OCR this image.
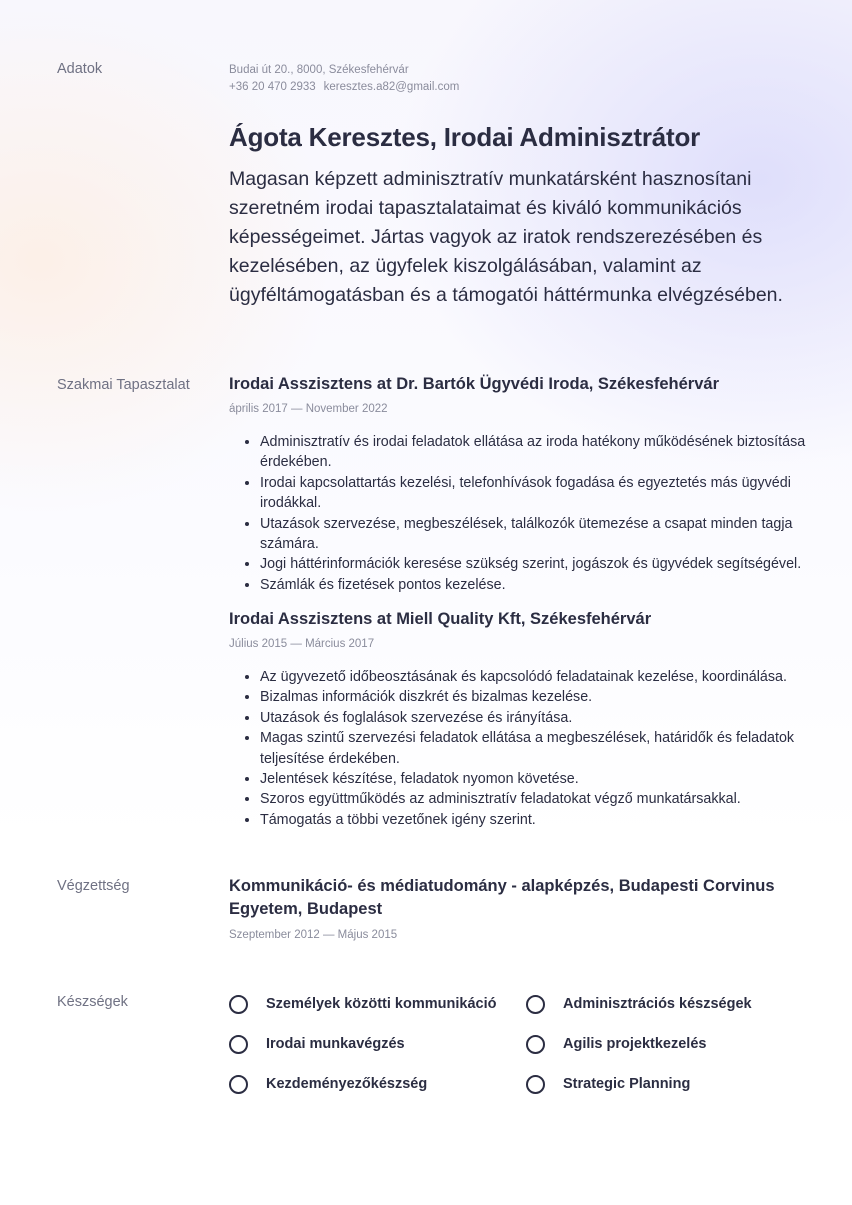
Adatok
Szakmai Tapasztalat
Végzettség
Készségek
Budai út 20., 8000, Székesfehérvár
+36 20 470 2933 keresztes.a82@gmail.com
Ágota Keresztes, Irodai Adminisztrátor
Magasan képzett adminisztratív munkatársként hasznosítani szeretném irodai tapasztalataimat és kiváló kommunikációs képességeimet. Jártas vagyok az iratok rendszerezésében és kezelésében, az ügyfelek kiszolgálásában, valamint az ügyféltámogatásban és a támogatói háttérmunka elvégzésében.
Irodai Asszisztens at Dr. Bartók Ügyvédi Iroda, Székesfehérvár
április 2017 — November 2022
• Adminisztratív és irodai feladatok ellátása az iroda hatékony működésének biztosítása érdekében.
• Irodai kapcsolattartás kezelési, telefonhívások fogadása és egyeztetés más ügyvédi irodákkal.
• Utazások szervezése, megbeszélések, találkozók ütemezése a csapat minden tagja számára.
• Jogi háttérinformációk keresése szükség szerint, jogászok és ügyvédek segítségével.
• Számlák és fizetések pontos kezelése.
Irodai Asszisztens at Miell Quality Kft, Székesfehérvár
Július 2015 — Március 2017
• Az ügyvezető időbeosztásának és kapcsolódó feladatainak kezelése, koordinálása.
• Bizalmas információk diszkrét és bizalmas kezelése.
• Utazások és foglalások szervezése és irányítása.
• Magas szintű szervezési feladatok ellátása a megbeszélések, határidők és feladatok teljesítése érdekében.
• Jelentések készítése, feladatok nyomon követése.
• Szoros együttműködés az adminisztratív feladatokat végző munkatársakkal.
• Támogatás a többi vezetőnek igény szerint.
Kommunikáció- és médiatudomány - alapképzés, Budapesti Corvinus Egyetem, Budapest
Szeptember 2012 — Május 2015
Személyek közötti kommunikáció	Adminisztrációs készségek
Irodai munkavégzés	Agilis projektkezelés
Kezdeményezőkészség	Strategic Planning
